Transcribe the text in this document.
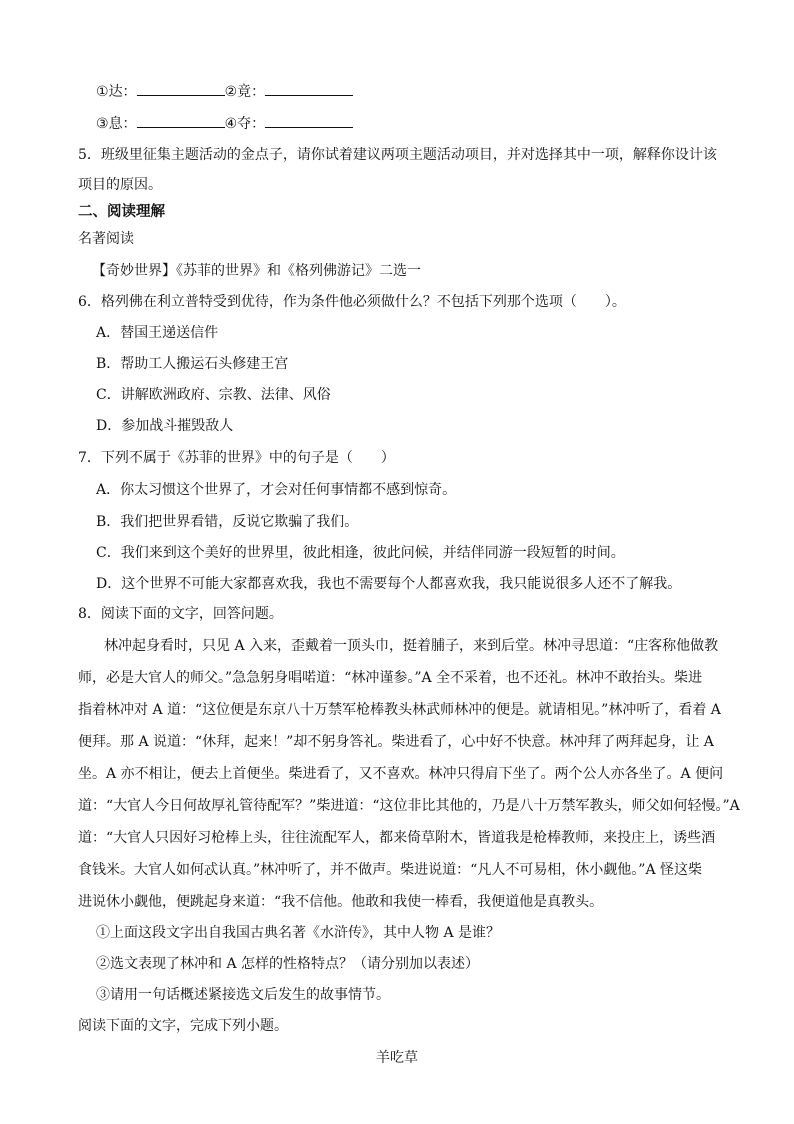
①达：	②竟：
③息：	④夺：
5．班级里征集主题活动的金点子，请你试着建议两项主题活动项目，并对选择其中一项，解释你设计该
项目的原因。
二、阅读理解
名著阅读
【奇妙世界】《苏菲的世界》和《格列佛游记》二选一
6．格列佛在利立普特受到优待，作为条件他必须做什么？不包括下列那个选项（　　）。
A．替国王递送信件
B．帮助工人搬运石头修建王宫
C．讲解欧洲政府、宗教、法律、风俗
D．参加战斗摧毁敌人
7．下列不属于《苏菲的世界》中的句子是（　　）
A．你太习惯这个世界了，才会对任何事情都不感到惊奇。
B．我们把世界看错，反说它欺骗了我们。
C．我们来到这个美好的世界里，彼此相逢，彼此问候，并结伴同游一段短暂的时间。
D．这个世界不可能大家都喜欢我，我也不需要每个人都喜欢我，我只能说很多人还不了解我。
8．阅读下面的文字，回答问题。
林冲起身看时，只见 A 入来，歪戴着一顶头巾，挺着脯子，来到后堂。林冲寻思道：“庄客称他做教
师，必是大官人的师父。”急急躬身唱喏道：“林冲谨参。”A 全不采着，也不还礼。林冲不敢抬头。柴进
指着林冲对 A 道：“这位便是东京八十万禁军枪棒教头林武师林冲的便是。就请相见。”林冲听了，看着 A
便拜。那 A 说道：“休拜，起来！”却不躬身答礼。柴进看了，心中好不快意。林冲拜了两拜起身，让 A
坐。A 亦不相让，便去上首便坐。柴进看了，又不喜欢。林冲只得肩下坐了。两个公人亦各坐了。A 便问
道：“大官人今日何故厚礼管待配军？”柴进道：“这位非比其他的，乃是八十万禁军教头，师父如何轻慢。”A
道：“大官人只因好习枪棒上头，往往流配军人，都来倚草附木，皆道我是枪棒教师，来投庄上，诱些酒
食钱米。大官人如何忒认真。”林冲听了，并不做声。柴进说道：“凡人不可易相，休小觑他。”A 怪这柴
进说休小觑他，便跳起身来道：“我不信他。他敢和我使一棒看，我便道他是真教头。
①上面这段文字出自我国古典名著《水浒传》，其中人物 A 是谁？
②选文表现了林冲和 A 怎样的性格特点？（请分别加以表述）
③请用一句话概述紧接选文后发生的故事情节。
阅读下面的文字，完成下列小题。
羊吃草
